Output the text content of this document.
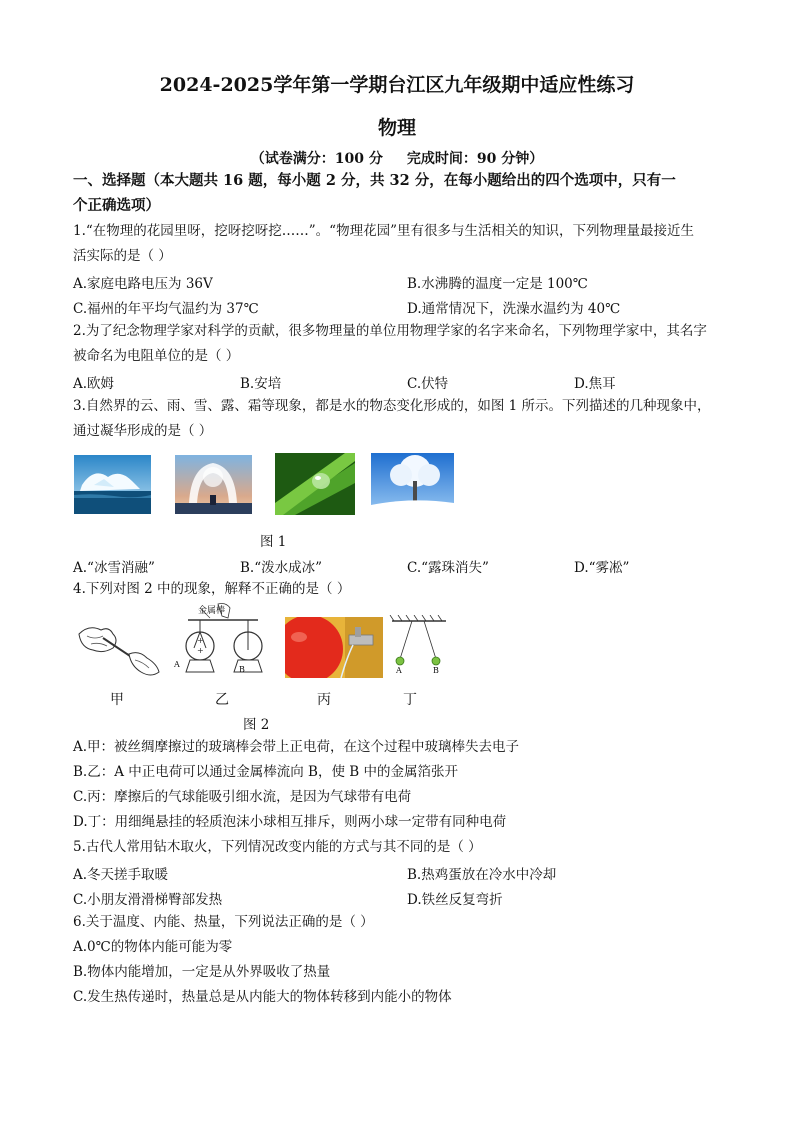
2024-2025学年第一学期台江区九年级期中适应性练习
物理
（试卷满分：100 分 完成时间：90 分钟）
一、选择题（本大题共 16 题，每小题 2 分，共 32 分，在每小题给出的四个选项中，只有一
个正确选项）
1.“在物理的花园里呀，挖呀挖呀挖……”。“物理花园”里有很多与生活相关的知识，下列物理量最接近生
活实际的是（ ）
A.家庭电路电压为 36V	B.水沸腾的温度一定是 100℃
C.福州的年平均气温约为 37℃	D.通常情况下，洗澡水温约为 40℃
2.为了纪念物理学家对科学的贡献，很多物理量的单位用物理学家的名字来命名，下列物理学家中，其名字
被命名为电阻单位的是（ ）
A.欧姆	B.安培	C.伏特	D.焦耳
3.自然界的云、雨、雪、露、霜等现象，都是水的物态变化形成的，如图 1 所示。下列描述的几种现象中，
通过凝华形成的是（ ）
图 1
A.“冰雪消融”	B.“泼水成冰”	C.“露珠消失”	D.“雾凇”
4.下列对图 2 中的现象，解释不正确的是（ ）
+
+
金属棒
A
B	A	B
甲	乙	丙	丁
图 2
A.甲：被丝绸摩擦过的玻璃棒会带上正电荷，在这个过程中玻璃棒失去电子
B.乙：A 中正电荷可以通过金属棒流向 B，使 B 中的金属箔张开
C.丙：摩擦后的气球能吸引细水流，是因为气球带有电荷
D.丁：用细绳悬挂的轻质泡沫小球相互排斥，则两小球一定带有同种电荷
5.古代人常用钻木取火，下列情况改变内能的方式与其不同的是（ ）
A.冬天搓手取暖	B.热鸡蛋放在冷水中冷却
C.小朋友滑滑梯臀部发热	D.铁丝反复弯折
6.关于温度、内能、热量，下列说法正确的是（ ）
A.0℃的物体内能可能为零
B.物体内能增加，一定是从外界吸收了热量
C.发生热传递时，热量总是从内能大的物体转移到内能小的物体
